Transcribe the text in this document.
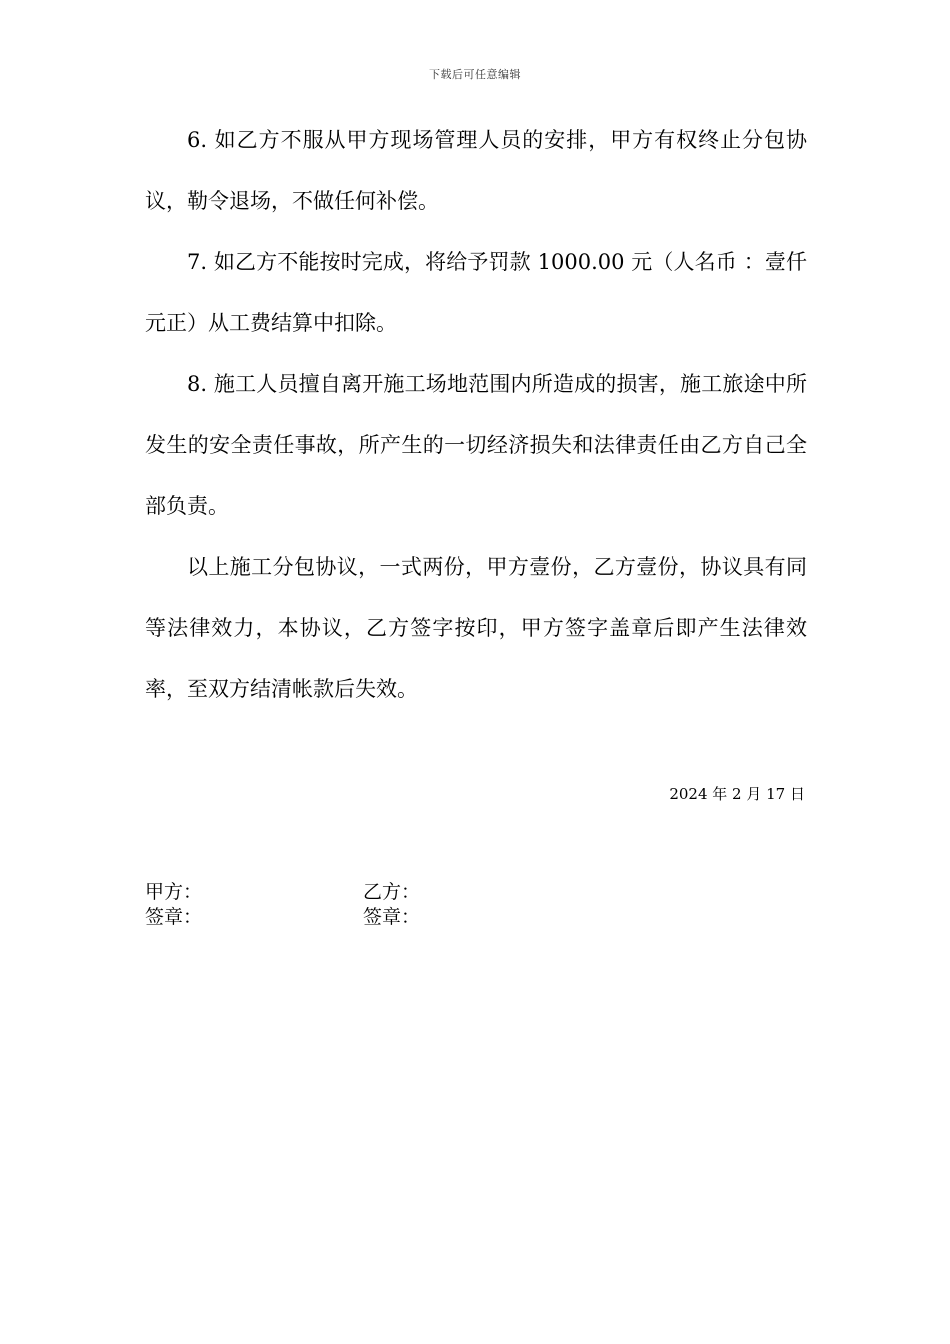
下载后可任意编辑

6. 如乙方不服从甲方现场管理人员的安排，甲方有权终止分包协议，勒令退场，不做任何补偿。

7. 如乙方不能按时完成，将给予罚款 1000.00 元（人名币 ：壹仟元正）从工费结算中扣除。

8. 施工人员擅自离开施工场地范围内所造成的损害，施工旅途中所发生的安全责任事故，所产生的一切经济损失和法律责任由乙方自己全部负责。

以上施工分包协议，一式两份，甲方壹份，乙方壹份，协议具有同等法律效力，本协议，乙方签字按印，甲方签字盖章后即产生法律效率，至双方结清帐款后失效。

2024 年 2 月 17 日
甲方：	乙方：
签章：	签章：
